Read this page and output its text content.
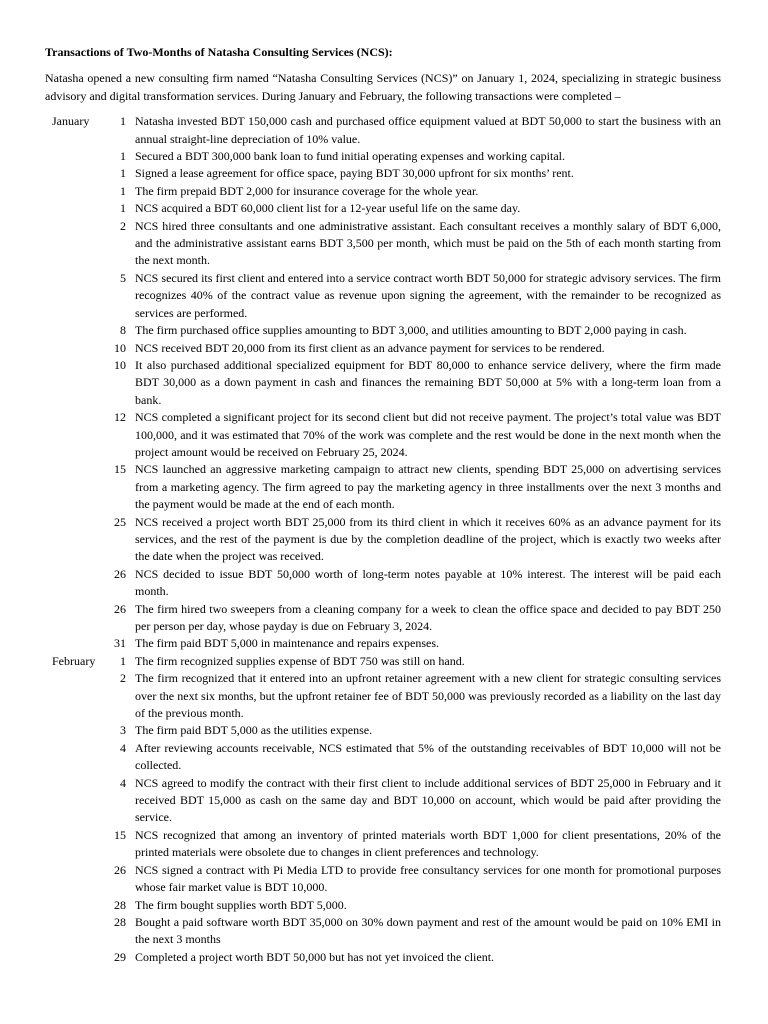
Transactions of Two-Months of Natasha Consulting Services (NCS):
Natasha opened a new consulting firm named “Natasha Consulting Services (NCS)” on January 1, 2024, specializing in strategic business advisory and digital transformation services. During January and February, the following transactions were completed –
January	1 Natasha invested BDT 150,000 cash and purchased office equipment valued at BDT 50,000 to start the business with an annual straight-line depreciation of 10% value.
1 Secured a BDT 300,000 bank loan to fund initial operating expenses and working capital.
1 Signed a lease agreement for office space, paying BDT 30,000 upfront for six months’ rent.
1 The firm prepaid BDT 2,000 for insurance coverage for the whole year.
1 NCS acquired a BDT 60,000 client list for a 12-year useful life on the same day.
2 NCS hired three consultants and one administrative assistant. Each consultant receives a monthly salary of BDT 6,000, and the administrative assistant earns BDT 3,500 per month, which must be paid on the 5th of each month starting from the next month.
5 NCS secured its first client and entered into a service contract worth BDT 50,000 for strategic advisory services. The firm recognizes 40% of the contract value as revenue upon signing the agreement, with the remainder to be recognized as services are performed.
8 The firm purchased office supplies amounting to BDT 3,000, and utilities amounting to BDT 2,000 paying in cash.
10 NCS received BDT 20,000 from its first client as an advance payment for services to be rendered.
10 It also purchased additional specialized equipment for BDT 80,000 to enhance service delivery, where the firm made BDT 30,000 as a down payment in cash and finances the remaining BDT 50,000 at 5% with a long-term loan from a bank.
12 NCS completed a significant project for its second client but did not receive payment. The project’s total value was BDT 100,000, and it was estimated that 70% of the work was complete and the rest would be done in the next month when the project amount would be received on February 25, 2024.
15 NCS launched an aggressive marketing campaign to attract new clients, spending BDT 25,000 on advertising services from a marketing agency. The firm agreed to pay the marketing agency in three installments over the next 3 months and the payment would be made at the end of each month.
25 NCS received a project worth BDT 25,000 from its third client in which it receives 60% as an advance payment for its services, and the rest of the payment is due by the completion deadline of the project, which is exactly two weeks after the date when the project was received.
26 NCS decided to issue BDT 50,000 worth of long-term notes payable at 10% interest. The interest will be paid each month.
26 The firm hired two sweepers from a cleaning company for a week to clean the office space and decided to pay BDT 250 per person per day, whose payday is due on February 3, 2024.
31 The firm paid BDT 5,000 in maintenance and repairs expenses.
February	1 The firm recognized supplies expense of BDT 750 was still on hand.
2 The firm recognized that it entered into an upfront retainer agreement with a new client for strategic consulting services over the next six months, but the upfront retainer fee of BDT 50,000 was previously recorded as a liability on the last day of the previous month.
3 The firm paid BDT 5,000 as the utilities expense.
4 After reviewing accounts receivable, NCS estimated that 5% of the outstanding receivables of BDT 10,000 will not be collected.
4 NCS agreed to modify the contract with their first client to include additional services of BDT 25,000 in February and it received BDT 15,000 as cash on the same day and BDT 10,000 on account, which would be paid after providing the service.
15 NCS recognized that among an inventory of printed materials worth BDT 1,000 for client presentations, 20% of the printed materials were obsolete due to changes in client preferences and technology.
26 NCS signed a contract with Pi Media LTD to provide free consultancy services for one month for promotional purposes whose fair market value is BDT 10,000.
28 The firm bought supplies worth BDT 5,000.
28 Bought a paid software worth BDT 35,000 on 30% down payment and rest of the amount would be paid on 10% EMI in the next 3 months
29 Completed a project worth BDT 50,000 but has not yet invoiced the client.
